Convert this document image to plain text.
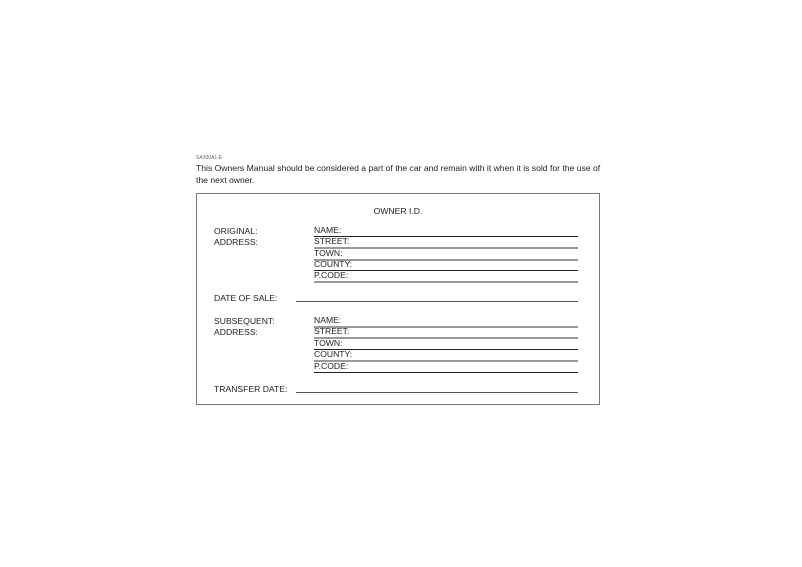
SA300A1-E
This Owners Manual should be considered a part of the car and remain with it when it is sold for the use of the next owner.
OWNER I.D.
ORIGINAL:
ADDRESS:
NAME:
STREET:
TOWN:
COUNTY:
P.CODE:
DATE OF SALE:
SUBSEQUENT:
ADDRESS:
NAME:
STREET:
TOWN:
COUNTY:
P.CODE:
TRANSFER DATE:
